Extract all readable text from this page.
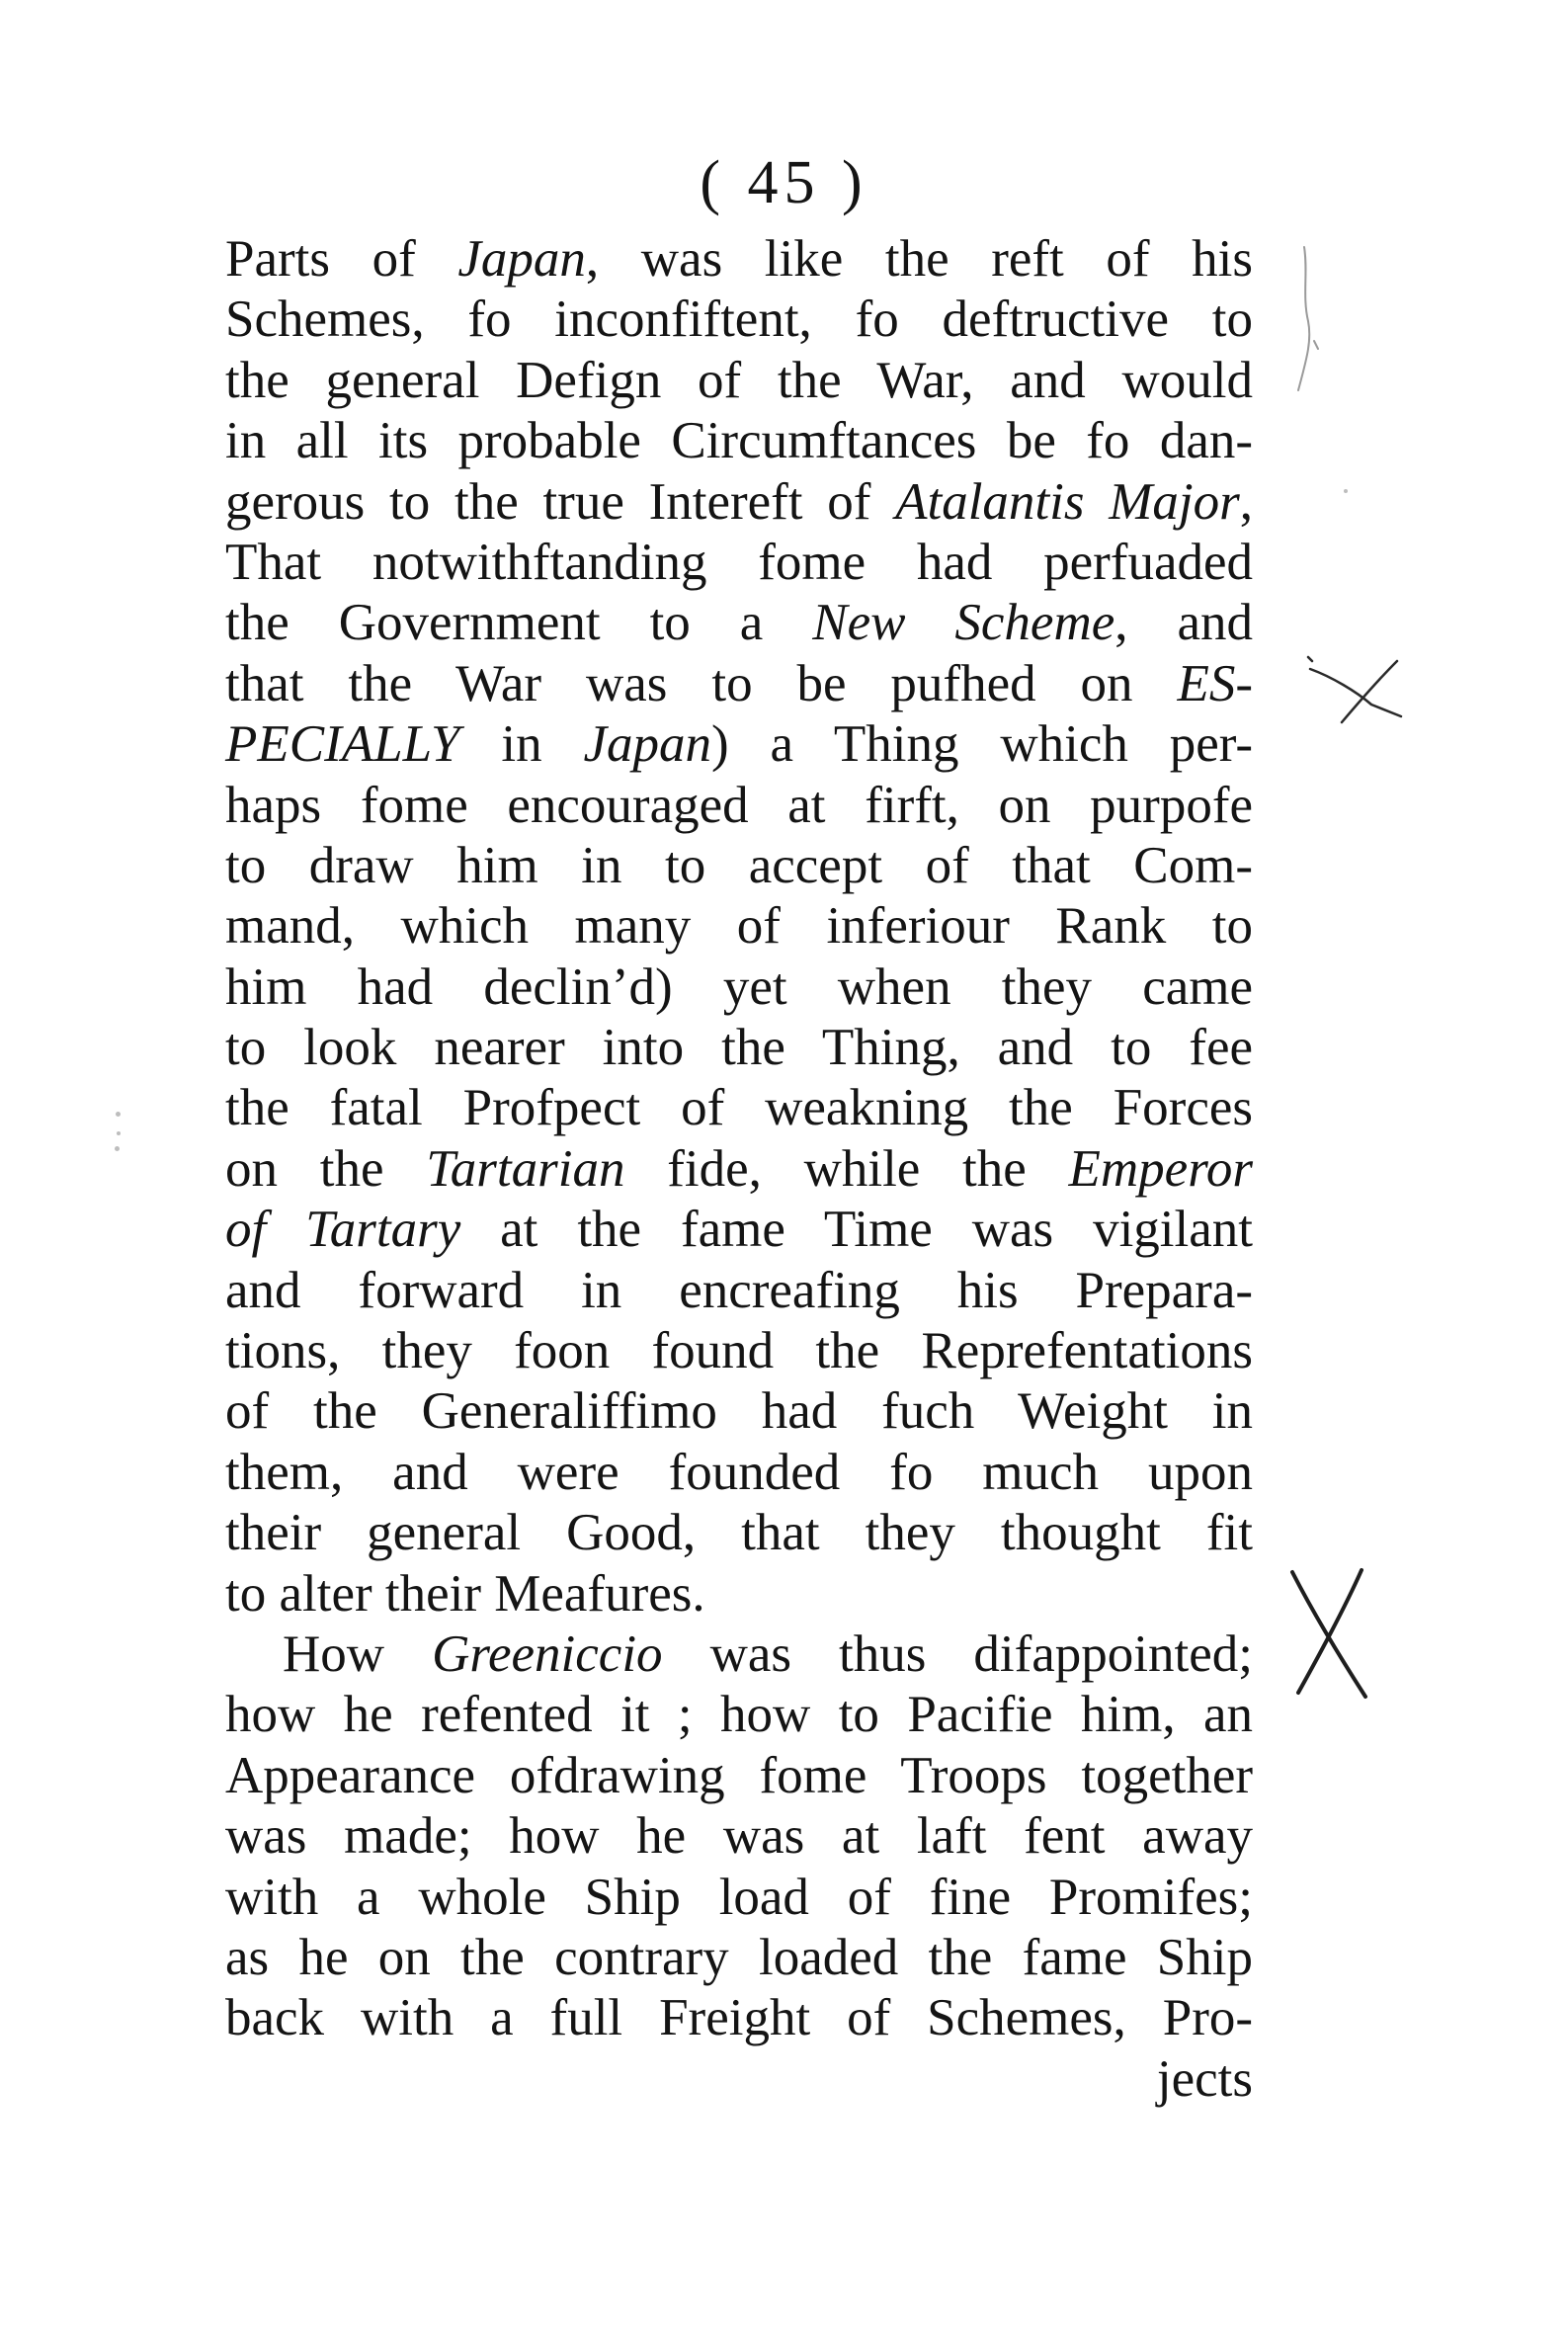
( 45 )
Parts of Japan, was like the reft of his
Schemes, fo inconfiftent, fo deftructive to
the general Defign of the War, and would
in all its probable Circumftances be fo dan-
gerous to the true Intereft of Atalantis Major,
That notwithftanding fome had perfuaded
the Government to a New Scheme, and
that the War was to be pufhed on ES-
PECIALLY in Japan) a Thing which per-
haps fome encouraged at firft, on purpofe
to draw him in to accept of that Com-
mand, which many of inferiour Rank to
him had declin’d) yet when they came
to look nearer into the Thing, and to fee
the fatal Profpect of weakning the Forces
on the Tartarian fide, while the Emperor
of Tartary at the fame Time was vigilant
and forward in encreafing his Prepara-
tions, they foon found the Reprefentations
of the Generaliffimo had fuch Weight in
them, and were founded fo much upon
their general Good, that they thought fit
to alter their Meafures.
How Greeniccio was thus difappointed;
how he refented it ; how to Pacifie him, an
Appearance ofdrawing fome Troops together
was made; how he was at laft fent away
with a whole Ship load of fine Promifes;
as he on the contrary loaded the fame Ship
back with a full Freight of Schemes, Pro-
jects
